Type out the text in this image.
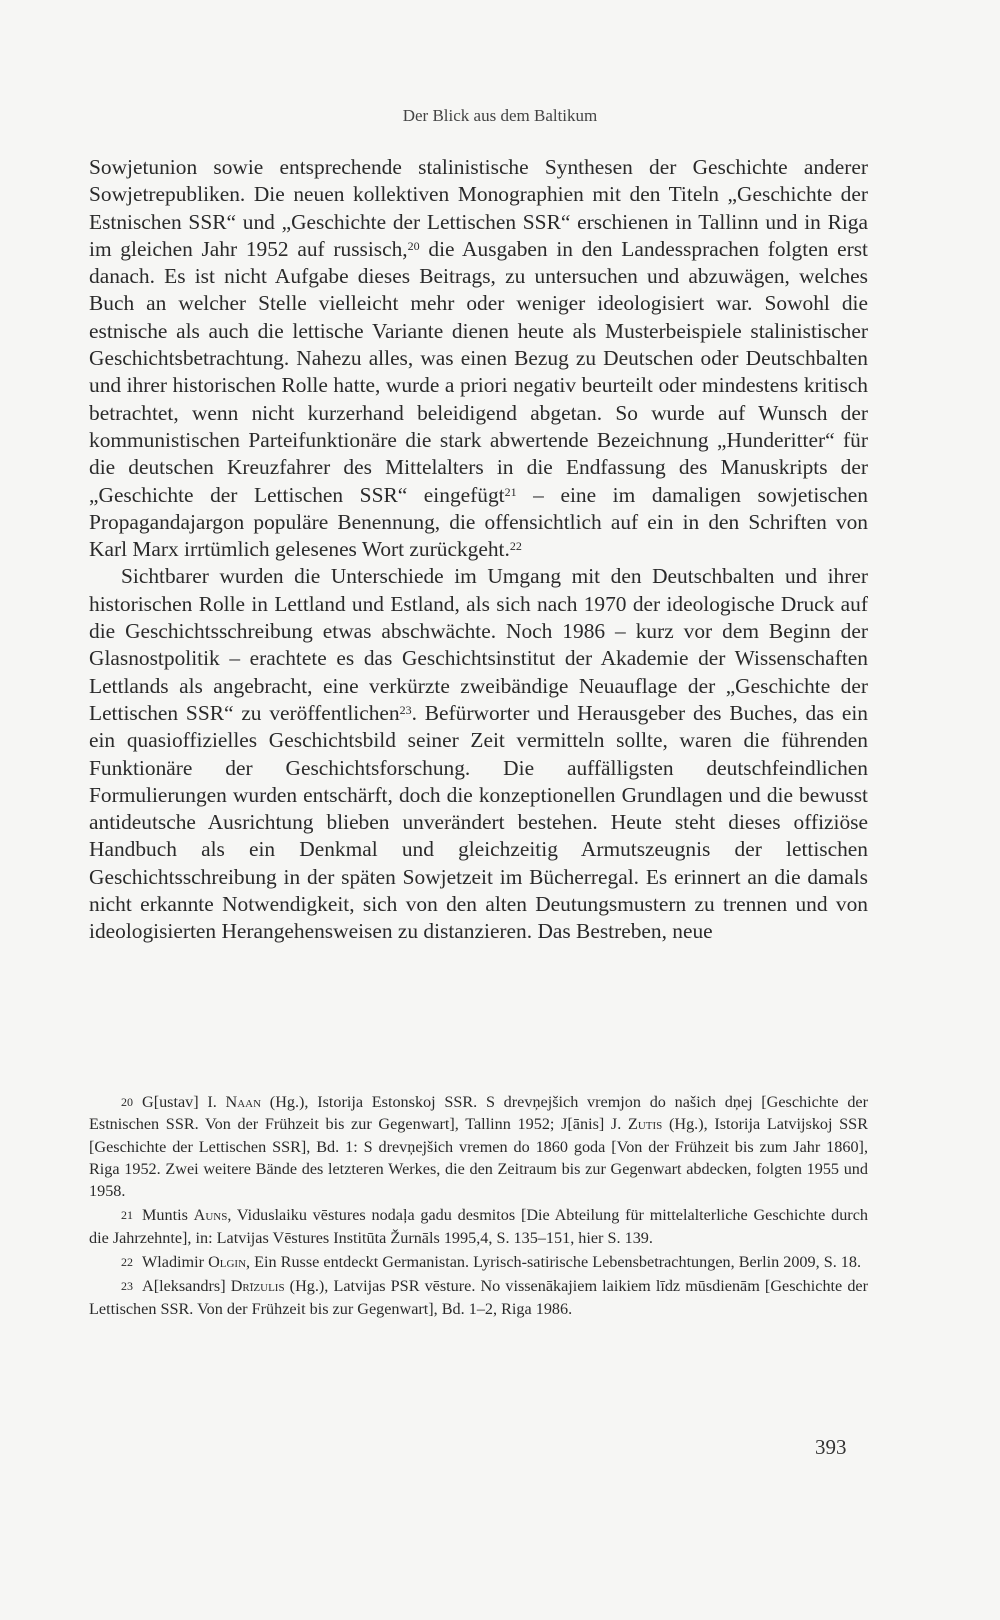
Der Blick aus dem Baltikum

Sowjetunion sowie entsprechende stalinistische Synthesen der Geschichte anderer Sowjetrepubliken. Die neuen kollektiven Monographien mit den Titeln „Geschichte der Estnischen SSR“ und „Geschichte der Lettischen SSR“ erschienen in Tallinn und in Riga im gleichen Jahr 1952 auf russisch,$^{20}$ die Ausgaben in den Landessprachen folgten erst danach. Es ist nicht Aufgabe dieses Beitrags, zu untersuchen und abzuwägen, welches Buch an welcher Stelle vielleicht mehr oder weniger ideologisiert war. Sowohl die estnische als auch die lettische Variante dienen heute als Musterbeispiele stalinistischer Geschichtsbetrachtung. Nahezu alles, was einen Bezug zu Deutschen oder Deutschbalten und ihrer historischen Rolle hatte, wurde a priori negativ beurteilt oder mindestens kritisch betrachtet, wenn nicht kurzerhand beleidigend abgetan. So wurde auf Wunsch der kommunistischen Parteifunktionäre die stark abwertende Bezeichnung „Hunderitter“ für die deutschen Kreuzfahrer des Mittelalters in die Endfassung des Manuskripts der „Geschichte der Lettischen SSR“ eingefügt$^{21}$ – eine im damaligen sowjetischen Propagandajargon populäre Benennung, die offensichtlich auf ein in den Schriften von Karl Marx irrtümlich gelesenes Wort zurückgeht.$^{22}$

Sichtbarer wurden die Unterschiede im Umgang mit den Deutschbalten und ihrer historischen Rolle in Lettland und Estland, als sich nach 1970 der ideologische Druck auf die Geschichtsschreibung etwas abschwächte. Noch 1986 – kurz vor dem Beginn der Glasnostpolitik – erachtete es das Geschichtsinstitut der Akademie der Wissenschaften Lettlands als angebracht, eine verkürzte zweibändige Neuauflage der „Geschichte der Lettischen SSR“ zu veröffentlichen$^{23}$. Befürworter und Herausgeber des Buches, das ein ein quasioffizielles Geschichtsbild seiner Zeit vermitteln sollte, waren die führenden Funktionäre der Geschichtsforschung. Die auffälligsten deutschfeindlichen Formulierungen wurden entschärft, doch die konzeptionellen Grundlagen und die bewusst antideutsche Ausrichtung blieben unverändert bestehen. Heute steht dieses offiziöse Handbuch als ein Denkmal und gleichzeitig Armutszeugnis der lettischen Geschichtsschreibung in der späten Sowjetzeit im Bücherregal. Es erinnert an die damals nicht erkannte Notwendigkeit, sich von den alten Deutungsmustern zu trennen und von ideologisierten Herangehensweisen zu distanzieren. Das Bestreben, neue

20 G[ustav] I. Naan (Hg.), Istorija Estonskoj SSR. S drevņejšich vremjon do našich dņej [Geschichte der Estnischen SSR. Von der Frühzeit bis zur Gegenwart], Tallinn 1952; J[ānis] J. Zutis (Hg.), Istorija Latvijskoj SSR [Geschichte der Lettischen SSR], Bd. 1: S drevņejšich vremen do 1860 goda [Von der Frühzeit bis zum Jahr 1860], Riga 1952. Zwei weitere Bände des letzteren Werkes, die den Zeitraum bis zur Gegenwart abdecken, folgten 1955 und 1958.

21 Muntis Auns, Viduslaiku vēstures nodaļa gadu desmitos [Die Abteilung für mittelalterliche Geschichte durch die Jahrzehnte], in: Latvijas Vēstures Institūta Žurnāls 1995,4, S. 135–151, hier S. 139.

22 Wladimir Olgin, Ein Russe entdeckt Germanistan. Lyrisch-satirische Lebensbetrachtungen, Berlin 2009, S. 18.

23 A[leksandrs] Drīzulis (Hg.), Latvijas PSR vēsture. No vissenākajiem laikiem līdz mūsdienām [Geschichte der Lettischen SSR. Von der Frühzeit bis zur Gegenwart], Bd. 1–2, Riga 1986.

393
